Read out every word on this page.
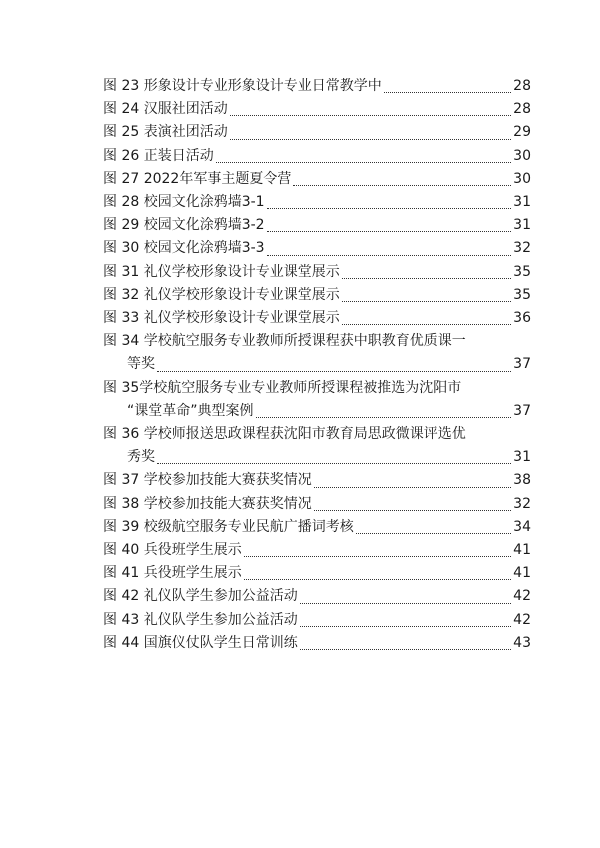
图 23 形象设计专业形象设计专业日常教学中	28
图 24 汉服社团活动	28
图 25 表演社团活动	29
图 26 正装日活动	30
图 27 2022年军事主题夏令营	30
图 28 校园文化涂鸦墙3-1	31
图 29 校园文化涂鸦墙3-2	31
图 30 校园文化涂鸦墙3-3	32
图 31 礼仪学校形象设计专业课堂展示	35
图 32 礼仪学校形象设计专业课堂展示	35
图 33 礼仪学校形象设计专业课堂展示	36
图 34 学校航空服务专业教师所授课程获中职教育优质课一
等奖	37
图 35学校航空服务专业专业教师所授课程被推选为沈阳市
“课堂革命”典型案例	37
图 36 学校师报送思政课程获沈阳市教育局思政微课评选优
秀奖	31
图 37 学校参加技能大赛获奖情况	38
图 38 学校参加技能大赛获奖情况	32
图 39 校级航空服务专业民航广播词考核	34
图 40 兵役班学生展示	41
图 41 兵役班学生展示	41
图 42 礼仪队学生参加公益活动	42
图 43 礼仪队学生参加公益活动	42
图 44 国旗仪仗队学生日常训练	43
